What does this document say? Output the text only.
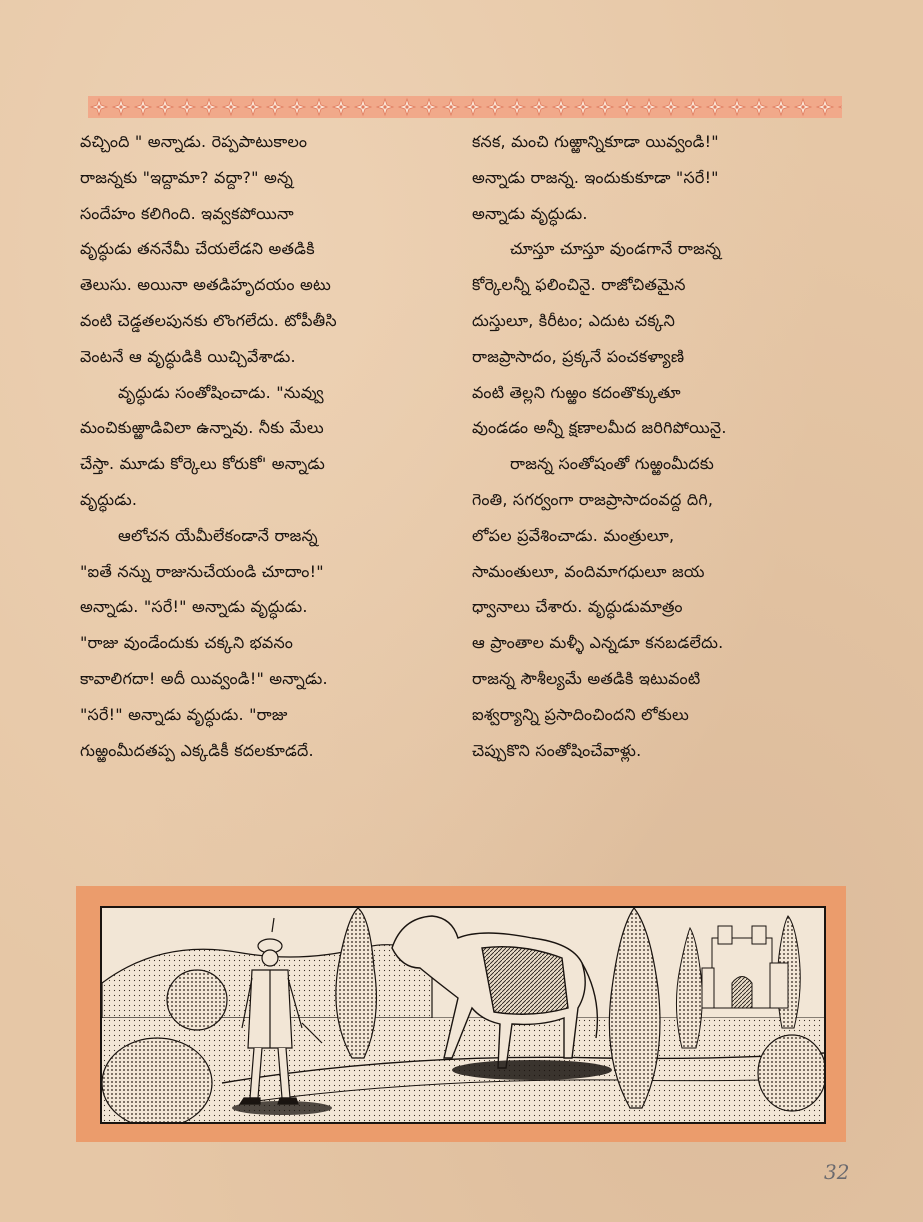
వచ్చింది " అన్నాడు. రెప్పపాటుకాలం
రాజన్నకు "ఇద్దామా? వద్దా?" అన్న
సందేహం కలిగింది. ఇవ్వకపోయినా
వృద్ధుడు తననేమీ చేయలేడని అతడికి
తెలుసు. అయినా అతడిహృదయం అటు
వంటి చెడ్డతలపునకు లొంగలేదు. టోపీతీసి
వెంటనే ఆ వృద్ధుడికి యిచ్చివేశాడు.
వృద్ధుడు సంతోషించాడు. "నువ్వు
మంచికుఱ్ఱాడివిలా ఉన్నావు. నీకు మేలు
చేస్తా. మూడు కోర్కెలు కోరుకో' అన్నాడు
వృద్ధుడు.
ఆలోచన యేమీలేకండానే రాజన్న
"ఐతే నన్ను రాజునుచేయండి చూదాం!"
అన్నాడు. "సరే!" అన్నాడు వృద్ధుడు.
"రాజు వుండేందుకు చక్కని భవనం
కావాలిగదా! అదీ యివ్వండి!" అన్నాడు.
"సరే!" అన్నాడు వృద్ధుడు. "రాజు
గుఱ్ఱంమీదతప్ప ఎక్కడికీ కదలకూడదే.
కనక, మంచి గుఱ్ఱాన్నికూడా యివ్వండి!"
అన్నాడు రాజన్న. ఇందుకుకూడా "సరే!"
అన్నాడు వృద్ధుడు.
చూస్తూ చూస్తూ వుండగానే రాజన్న
కోర్కెలన్నీ ఫలించినై. రాజోచితమైన
దుస్తులూ, కిరీటం; ఎదుట చక్కని
రాజప్రాసాదం, ప్రక్కనే పంచకళ్యాణి
వంటి తెల్లని గుఱ్ఱం కదంతొక్కుతూ
వుండడం అన్నీ క్షణాలమీద జరిగిపోయినై.
రాజన్న సంతోషంతో గుఱ్ఱంమీదకు
గెంతి, సగర్వంగా రాజప్రాసాదంవద్ద దిగి,
లోపల ప్రవేశించాడు. మంత్రులూ,
సామంతులూ, వందిమాగధులూ జయ
ధ్వానాలు చేశారు. వృద్ధుడుమాత్రం
ఆ ప్రాంతాల మళ్ళీ ఎన్నడూ కనబడలేదు.
రాజన్న సౌశీల్యమే అతడికి ఇటువంటి
ఐశ్వర్యాన్ని ప్రసాదించిందని లోకులు
చెప్పుకొని సంతోషించేవాళ్లు.
32
